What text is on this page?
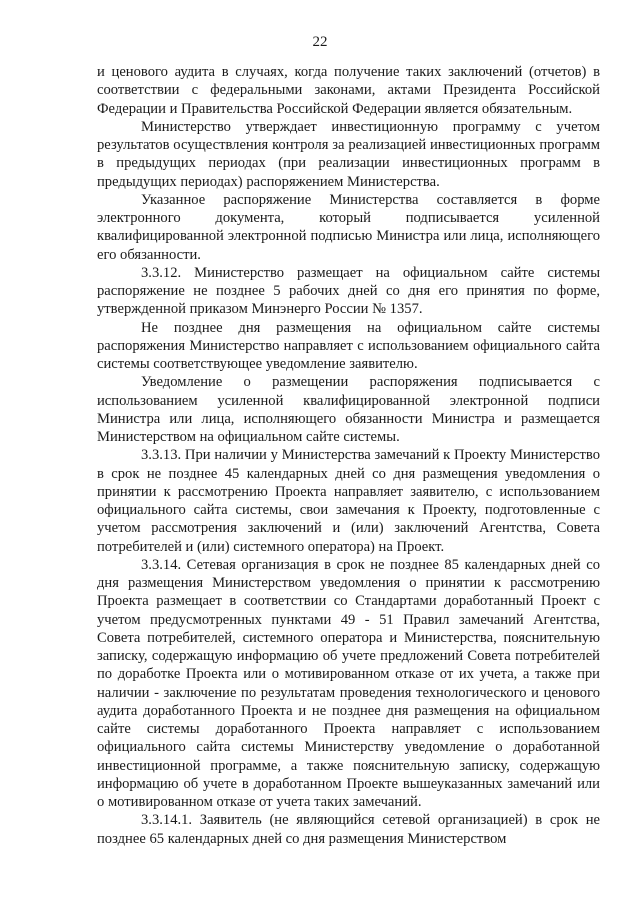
22

и ценового аудита в случаях, когда получение таких заключений (отчетов) в соответствии с федеральными законами, актами Президента Российской Федерации и Правительства Российской Федерации является обязательным.

Министерство утверждает инвестиционную программу с учетом результатов осуществления контроля за реализацией инвестиционных программ в предыдущих периодах (при реализации инвестиционных программ в предыдущих периодах) распоряжением Министерства.

Указанное распоряжение Министерства составляется в форме электронного документа, который подписывается усиленной квалифицированной электронной подписью Министра или лица, исполняющего его обязанности.

3.3.12. Министерство размещает на официальном сайте системы распоряжение не позднее 5 рабочих дней со дня его принятия по форме, утвержденной приказом Минэнерго России № 1357.

Не позднее дня размещения на официальном сайте системы распоряжения Министерство направляет с использованием официального сайта системы соответствующее уведомление заявителю.

Уведомление о размещении распоряжения подписывается с использованием усиленной квалифицированной электронной подписи Министра или лица, исполняющего обязанности Министра и размещается Министерством на официальном сайте системы.

3.3.13. При наличии у Министерства замечаний к Проекту Министерство в срок не позднее 45 календарных дней со дня размещения уведомления о принятии к рассмотрению Проекта направляет заявителю, с использованием официального сайта системы, свои замечания к Проекту, подготовленные с учетом рассмотрения заключений и (или) заключений Агентства, Совета потребителей и (или) системного оператора) на Проект.

3.3.14. Сетевая организация в срок не позднее 85 календарных дней со дня размещения Министерством уведомления о принятии к рассмотрению Проекта размещает в соответствии со Стандартами доработанный Проект с учетом предусмотренных пунктами 49 - 51 Правил замечаний Агентства, Совета потребителей, системного оператора и Министерства, пояснительную записку, содержащую информацию об учете предложений Совета потребителей по доработке Проекта или о мотивированном отказе от их учета, а также при наличии - заключение по результатам проведения технологического и ценового аудита доработанного Проекта и не позднее дня размещения на официальном сайте системы доработанного Проекта направляет с использованием официального сайта системы Министерству уведомление о доработанной инвестиционной программе, а также пояснительную записку, содержащую информацию об учете в доработанном Проекте вышеуказанных замечаний или о мотивированном отказе от учета таких замечаний.

3.3.14.1. Заявитель (не являющийся сетевой организацией) в срок не позднее 65 календарных дней со дня размещения Министерством
